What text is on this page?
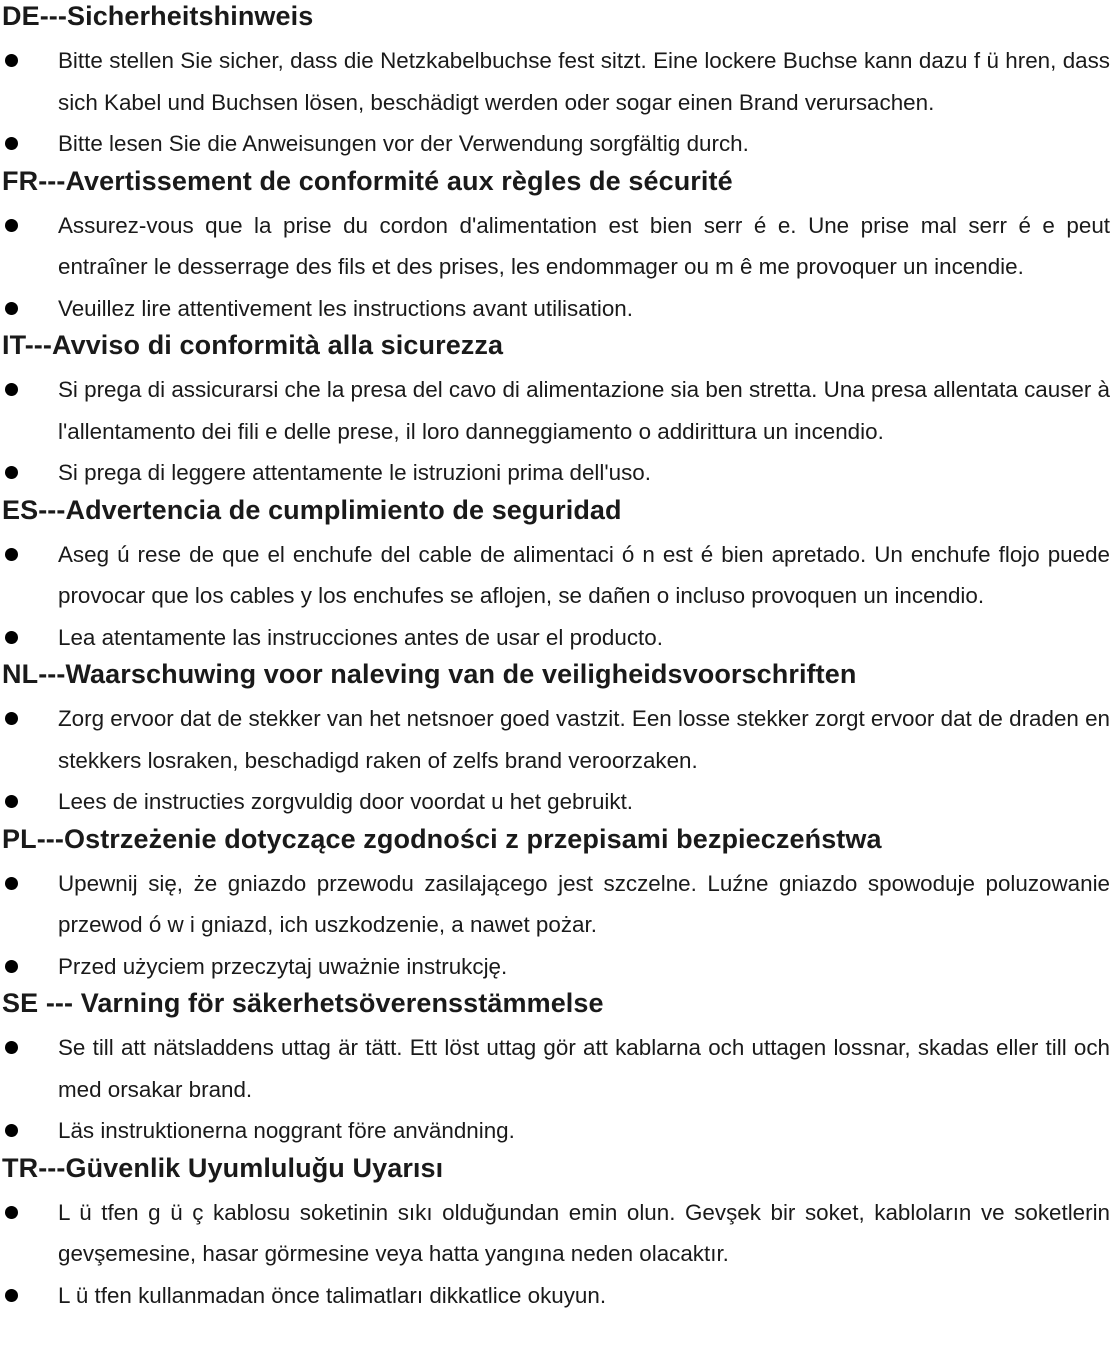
DE---Sicherheitshinweis
Bitte stellen Sie sicher, dass die Netzkabelbuchse fest sitzt. Eine lockere Buchse kann dazu f ü hren, dass sich Kabel und Buchsen lösen, beschädigt werden oder sogar einen Brand verursachen.
Bitte lesen Sie die Anweisungen vor der Verwendung sorgfältig durch.
FR---Avertissement de conformité aux règles de sécurité
Assurez-vous que la prise du cordon d'alimentation est bien serr é e. Une prise mal serr é e peut entraîner le desserrage des fils et des prises, les endommager ou m ê me provoquer un incendie.
Veuillez lire attentivement les instructions avant utilisation.
IT---Avviso di conformità alla sicurezza
Si prega di assicurarsi che la presa del cavo di alimentazione sia ben stretta. Una presa allentata causer à l'allentamento dei fili e delle prese, il loro danneggiamento o addirittura un incendio.
Si prega di leggere attentamente le istruzioni prima dell'uso.
ES---Advertencia de cumplimiento de seguridad
Aseg ú rese de que el enchufe del cable de alimentaci ó n est é bien apretado. Un enchufe flojo puede provocar que los cables y los enchufes se aflojen, se dañen o incluso provoquen un incendio.
Lea atentamente las instrucciones antes de usar el producto.
NL---Waarschuwing voor naleving van de veiligheidsvoorschriften
Zorg ervoor dat de stekker van het netsnoer goed vastzit. Een losse stekker zorgt ervoor dat de draden en stekkers losraken, beschadigd raken of zelfs brand veroorzaken.
Lees de instructies zorgvuldig door voordat u het gebruikt.
PL---Ostrzeżenie dotyczące zgodności z przepisami bezpieczeństwa
Upewnij się, że gniazdo przewodu zasilającego jest szczelne. Luźne gniazdo spowoduje poluzowanie przewod ó w i gniazd, ich uszkodzenie, a nawet pożar.
Przed użyciem przeczytaj uważnie instrukcję.
SE --- Varning för säkerhetsöverensstämmelse
Se till att nätsladdens uttag är tätt. Ett löst uttag gör att kablarna och uttagen lossnar, skadas eller till och med orsakar brand.
Läs instruktionerna noggrant före användning.
TR---Güvenlik Uyumluluğu Uyarısı
L ü tfen g ü ç kablosu soketinin sıkı olduğundan emin olun. Gevşek bir soket, kabloların ve soketlerin gevşemesine, hasar görmesine veya hatta yangına neden olacaktır.
L ü tfen kullanmadan önce talimatları dikkatlice okuyun.
